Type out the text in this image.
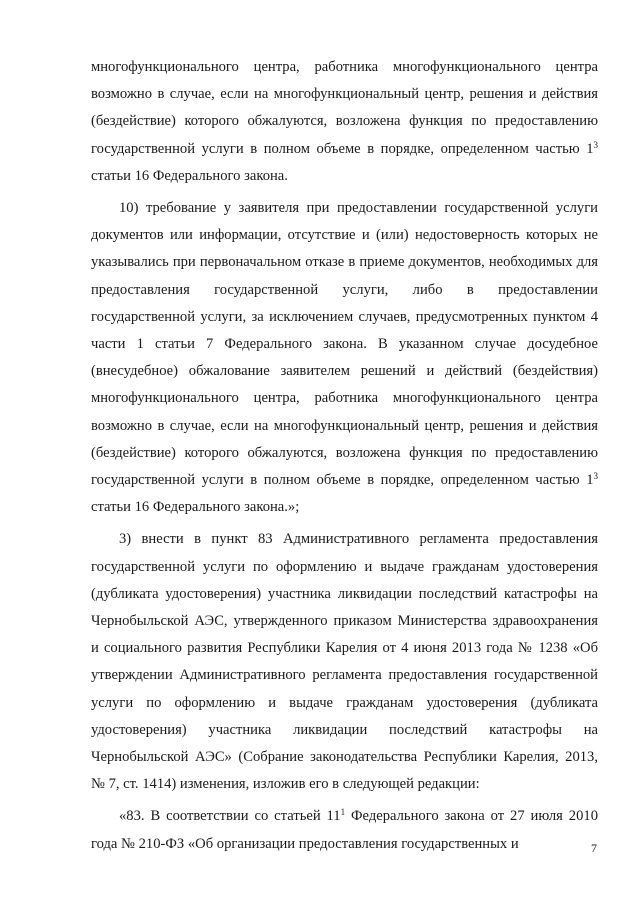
многофункционального центра, работника многофункционального центра возможно в случае, если на многофункциональный центр, решения и действия (бездействие) которого обжалуются, возложена функция по предоставлению государственной услуги в полном объеме в порядке, определенном частью $1^3$ статьи 16 Федерального закона.

10) требование у заявителя при предоставлении государственной услуги документов или информации, отсутствие и (или) недостоверность которых не указывались при первоначальном отказе в приеме документов, необходимых для предоставления государственной услуги, либо в предоставлении государственной услуги, за исключением случаев, предусмотренных пунктом 4 части 1 статьи 7 Федерального закона. В указанном случае досудебное (внесудебное) обжалование заявителем решений и действий (бездействия) многофункционального центра, работника многофункционального центра возможно в случае, если на многофункциональный центр, решения и действия (бездействие) которого обжалуются, возложена функция по предоставлению государственной услуги в полном объеме в порядке, определенном частью $1^3$ статьи 16 Федерального закона.»;

3) внести в пункт 83 Административного регламента предоставления государственной услуги по оформлению и выдаче гражданам удостоверения (дубликата удостоверения) участника ликвидации последствий катастрофы на Чернобыльской АЭС, утвержденного приказом Министерства здравоохранения и социального развития Республики Карелия от 4 июня 2013 года № 1238 «Об утверждении Административного регламента предоставления государственной услуги по оформлению и выдаче гражданам удостоверения (дубликата удостоверения) участника ликвидации последствий катастрофы на Чернобыльской АЭС» (Собрание законодательства Республики Карелия, 2013, № 7, ст. 1414) изменения, изложив его в следующей редакции:

«83. В соответствии со статьей $11^1$ Федерального закона от 27 июля 2010 года № 210-ФЗ «Об организации предоставления государственных и	7
